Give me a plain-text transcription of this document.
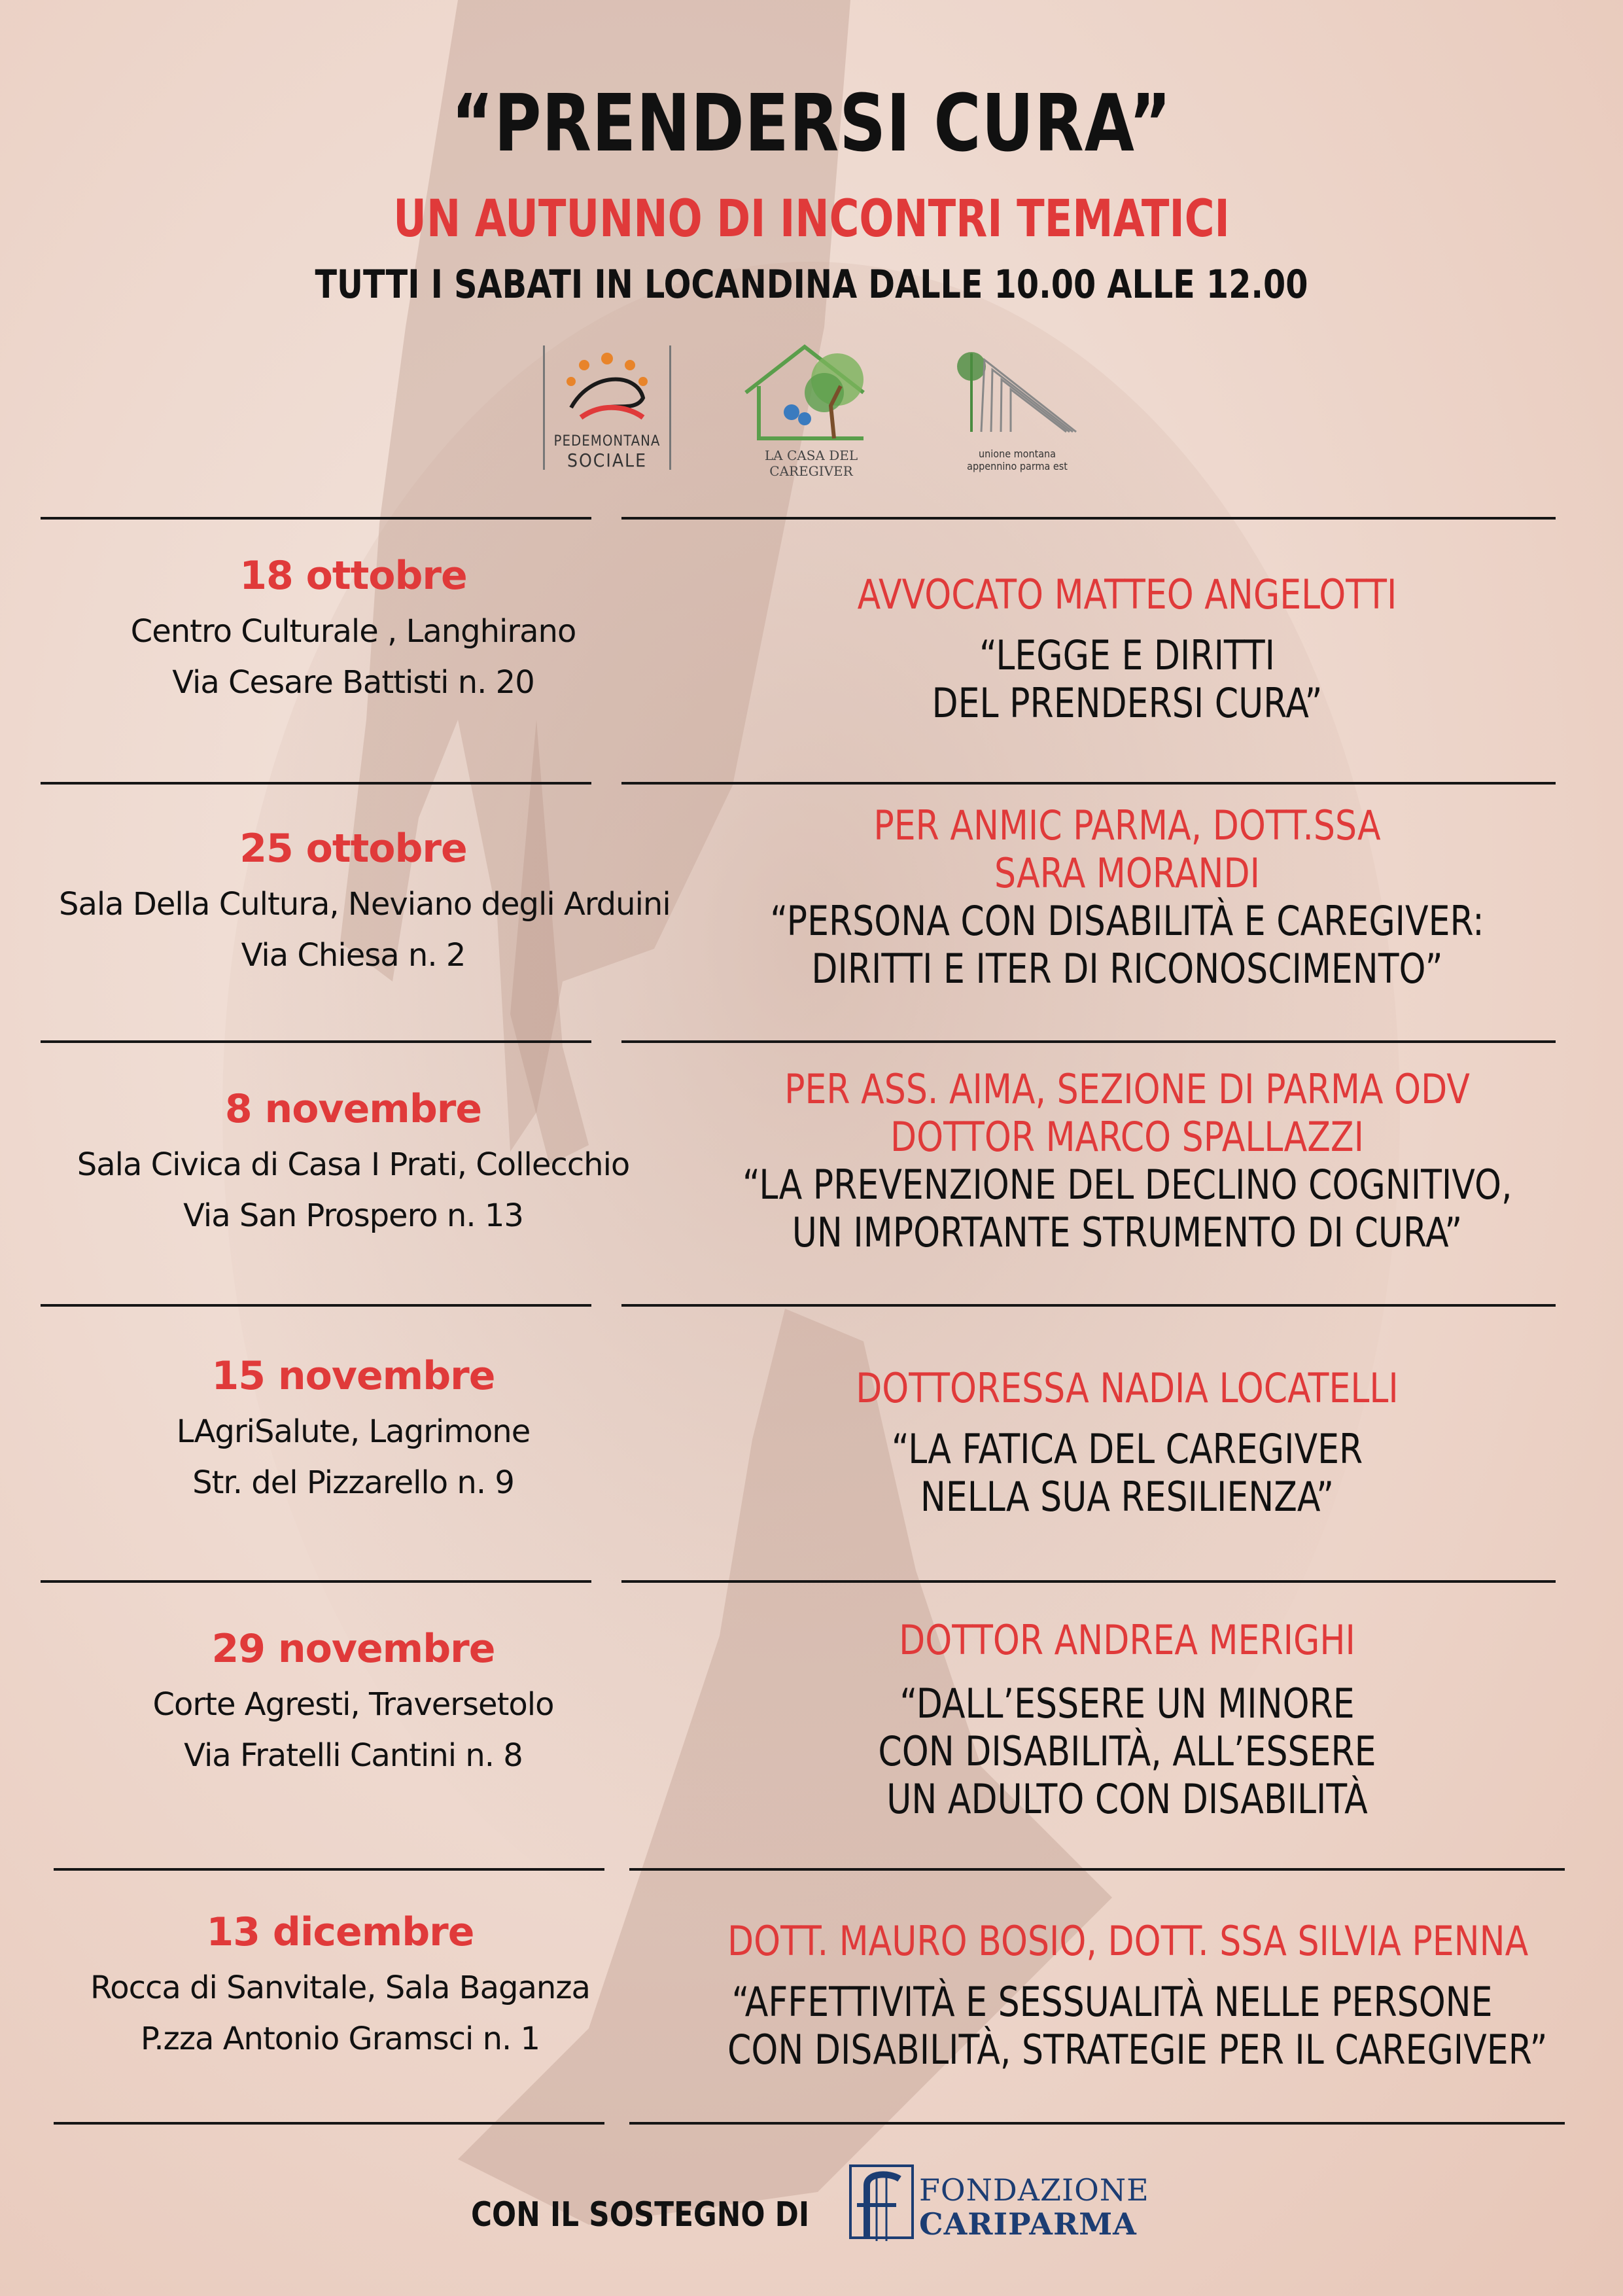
“PRENDERSI CURA”
UN AUTUNNO DI INCONTRI TEMATICI
TUTTI I SABATI IN LOCANDINA DALLE 10.00 ALLE 12.00
PEDEMONTANA
SOCIALE	LA CASA DEL CAREGIVER
unione montana
appennino parma est
18 ottobre
Centro Culturale , Langhirano
Via Cesare Battisti n. 20
AVVOCATO MATTEO ANGELOTTI
“LEGGE E DIRITTI
DEL PRENDERSI CURA”
25 ottobre
Sala Della Cultura, Neviano degli Arduini
Via Chiesa n. 2
PER ANMIC PARMA, DOTT.SSA
SARA MORANDI
“PERSONA CON DISABILITÀ E CAREGIVER:
DIRITTI E ITER DI RICONOSCIMENTO”
8 novembre
Sala Civica di Casa I Prati, Collecchio
Via San Prospero n. 13
PER ASS. AIMA, SEZIONE DI PARMA ODV
DOTTOR MARCO SPALLAZZI
“LA PREVENZIONE DEL DECLINO COGNITIVO,
UN IMPORTANTE STRUMENTO DI CURA”
15 novembre
LAgriSalute, Lagrimone
Str. del Pizzarello n. 9
DOTTORESSA NADIA LOCATELLI
“LA FATICA DEL CAREGIVER
NELLA SUA RESILIENZA”
29 novembre
Corte Agresti, Traversetolo
Via Fratelli Cantini n. 8
DOTTOR ANDREA MERIGHI
“DALL’ESSERE UN MINORE
CON DISABILITÀ, ALL’ESSERE
UN ADULTO CON DISABILITÀ
13 dicembre
Rocca di Sanvitale, Sala Baganza
P.zza Antonio Gramsci n. 1
DOTT. MAURO BOSIO, DOTT. SSA SILVIA PENNA
“AFFETTIVITÀ E SESSUALITÀ NELLE PERSONE
CON DISABILITÀ, STRATEGIE PER IL CAREGIVER”
CON IL SOSTEGNO DI
FONDAZIONE
CARIPARMA
